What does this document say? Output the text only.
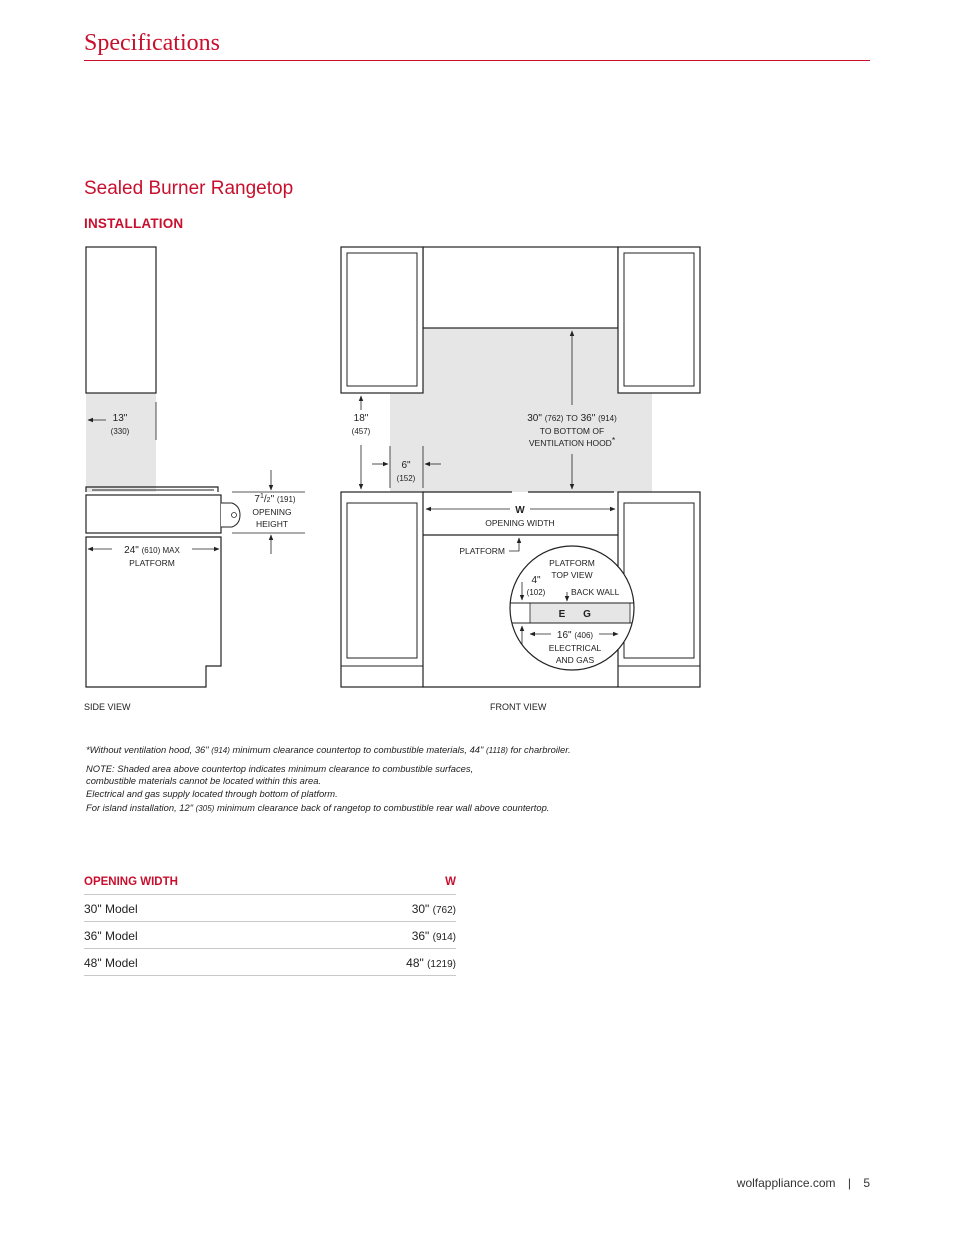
Specifications
Sealed Burner Rangetop
INSTALLATION
13"
(330)
24" (610) MAX
PLATFORM
$7^1/2$" (191)
OPENING
HEIGHT
SIDE VIEW
18"
(457)
6"
(152)
30" (762) TO 36" (914)
TO BOTTOM OF
VENTILATION HOOD*
W
OPENING WIDTH
PLATFORM
PLATFORM
TOP VIEW
4"
(102)	BACK WALL
E G
16" (406)
ELECTRICAL
AND GAS
FRONT VIEW
*Without ventilation hood, 36" (914) minimum clearance countertop to combustible materials, 44" (1118) for charbroiler.
NOTE: Shaded area above countertop indicates minimum clearance to combustible surfaces,
combustible materials cannot be located within this area.
Electrical and gas supply located through bottom of platform.
For island installation, 12" (305) minimum clearance back of rangetop to combustible rear wall above countertop.
OPENING WIDTH	W
30" Model	30" (762)
36" Model	36" (914)
48" Model	48" (1219)
wolfappliance.com | 5
